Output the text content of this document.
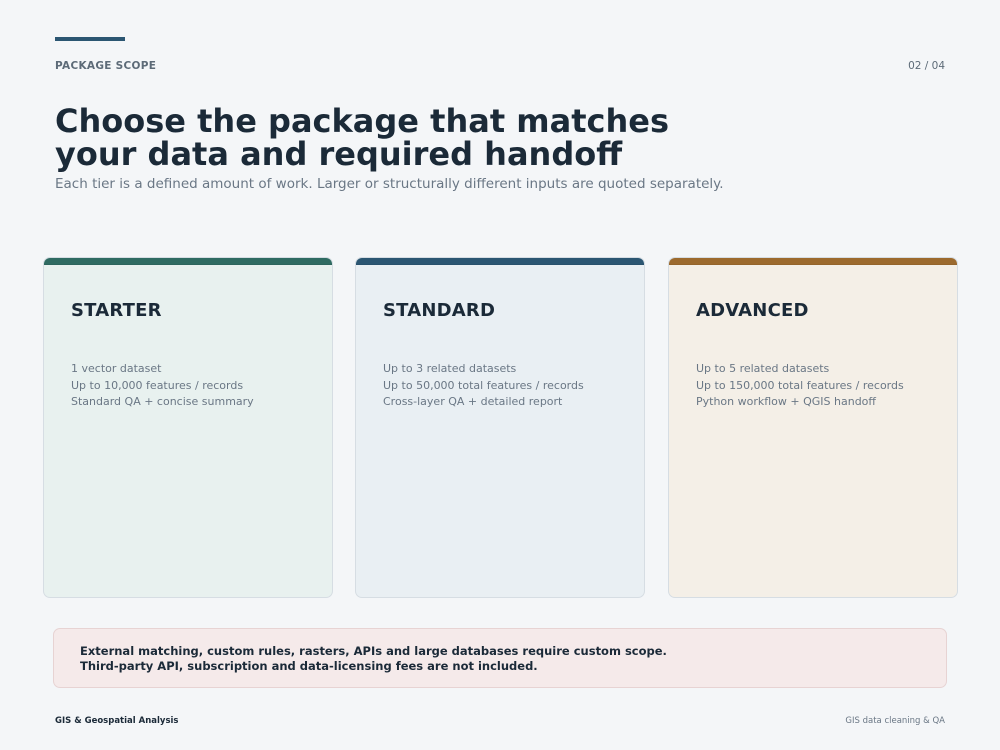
PACKAGE SCOPE	02 / 04
Choose the package that matches
your data and required handoff
Each tier is a defined amount of work. Larger or structurally different inputs are quoted separately.
STARTER
1 vector dataset
Up to 10,000 features / records
Standard QA + concise summary
STANDARD
Up to 3 related datasets
Up to 50,000 total features / records
Cross-layer QA + detailed report
ADVANCED
Up to 5 related datasets
Up to 150,000 total features / records
Python workflow + QGIS handoff
External matching, custom rules, rasters, APIs and large databases require custom scope.
Third-party API, subscription and data-licensing fees are not included.
GIS & Geospatial Analysis	GIS data cleaning & QA
